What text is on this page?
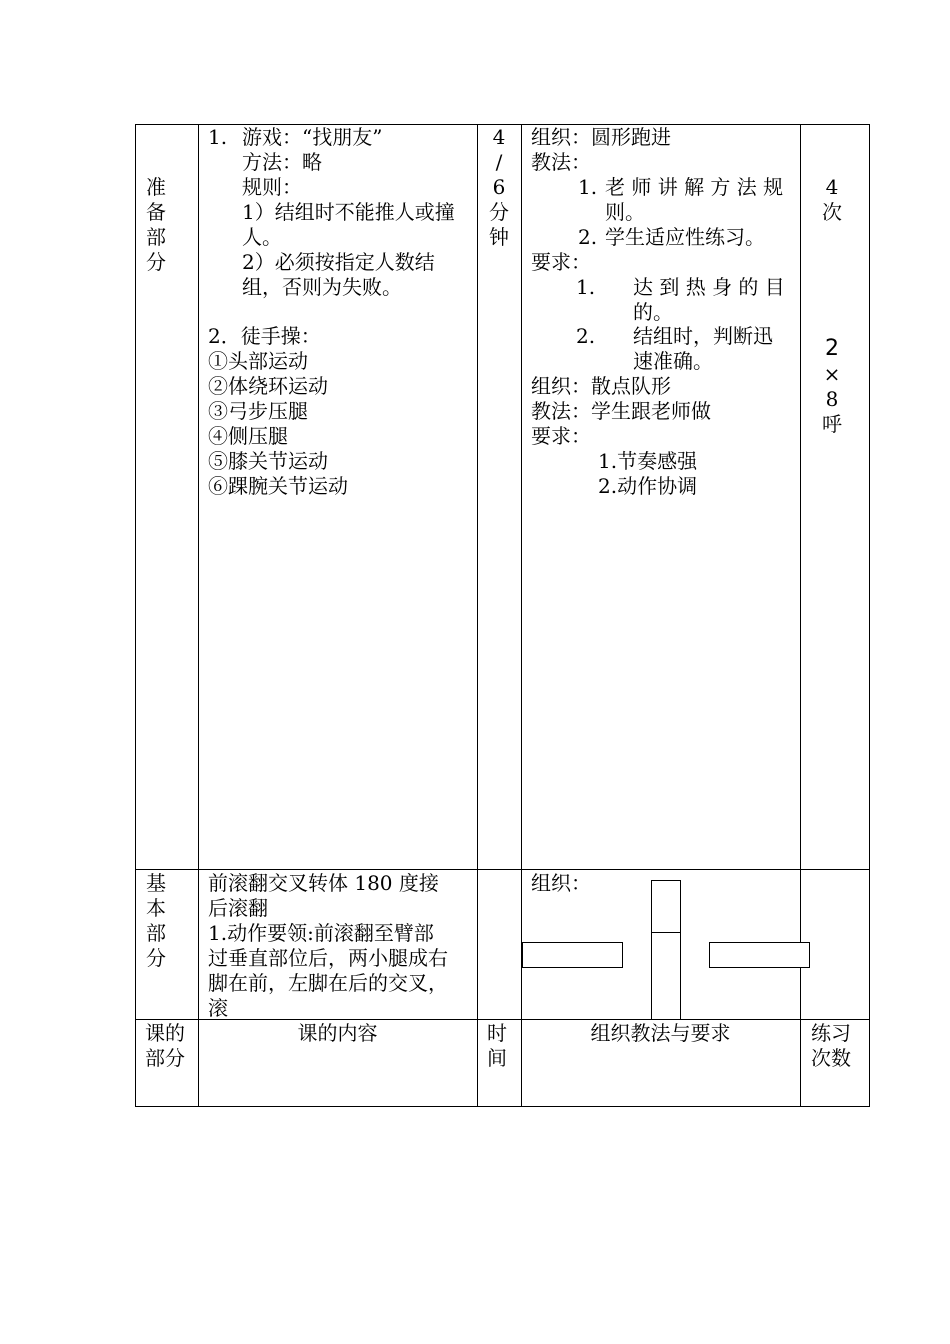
准
备
部
分
1. 游戏：“找朋友”
方法：略
规则：
1）结组时不能推人或撞
人。
2）必须按指定人数结
组，否则为失败。
2．徒手操：
①头部运动
②体绕环运动
③弓步压腿
④侧压腿
⑤膝关节运动
⑥踝腕关节运动
4
/
6
分
钟
组织：圆形跑进
教法：
1. 老 师 讲 解 方 法 规
则。
2. 学生适应性练习。
要求：
1. 达 到 热 身 的 目
的。
2. 结组时，判断迅
速准确。
组织：散点队形
教法：学生跟老师做
要求：
1.节奏感强
2.动作协调
4
次
2
×
8
呼
基
本
部
分
前滚翻交叉转体 180 度接
后滚翻
1.动作要领:前滚翻至臂部
过垂直部位后，两小腿成右
脚在前，左脚在后的交叉，
滚
组织：
课的
部分
课的内容	时
间
组织教法与要求	练习
次数
